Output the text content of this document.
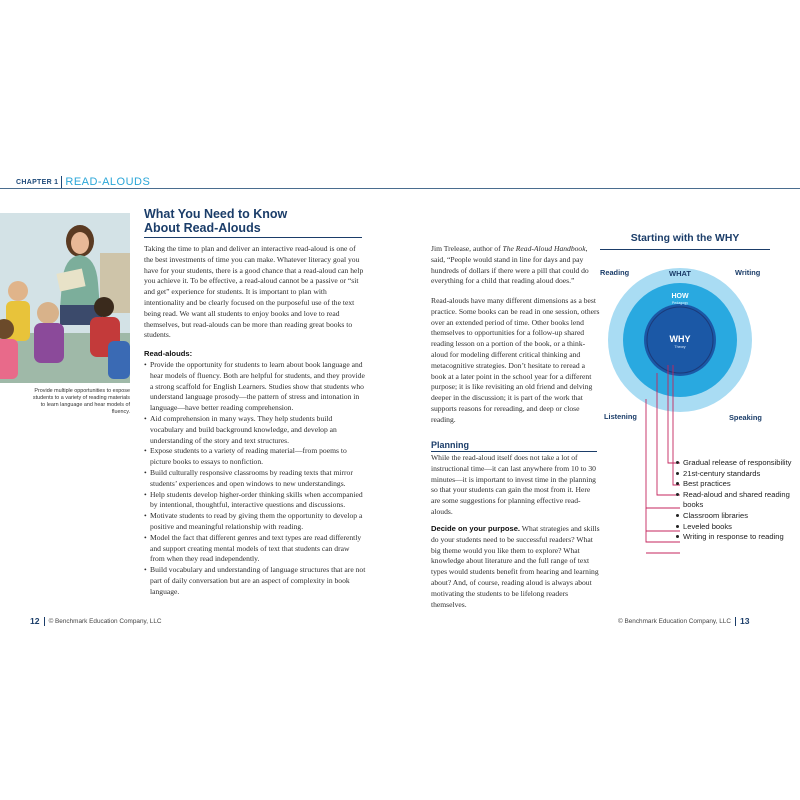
CHAPTER 1 READ-ALOUDS
Provide multiple opportunities to expose students to a variety of reading materials to learn language and hear models of fluency.
What You Need to Know
About Read-Alouds
Taking the time to plan and deliver an interactive read-aloud is one of the best investments of time you can make. Whatever literacy goal you have for your students, there is a good chance that a read-aloud can help you achieve it. To be effective, a read-aloud cannot be a passive or “sit and get” experience for students. It is important to plan with intentionality and be clearly focused on the purposeful use of the text being read. We want all students to enjoy books and love to read themselves, but read-alouds can be more than reading great books to students.
Read-alouds:
• Provide the opportunity for students to learn about book language and hear models of fluency. Both are helpful for students, and they provide a strong scaffold for English Learners. Studies show that students who understand language prosody—the pattern of stress and intonation in language—have better reading comprehension.
• Aid comprehension in many ways. They help students build vocabulary and build background knowledge, and develop an understanding of the story and text structures.
• Expose students to a variety of reading material—from poems to picture books to essays to nonfiction.
• Build culturally responsive classrooms by reading texts that mirror students’ experiences and open windows to new understandings.
• Help students develop higher-order thinking skills when accompanied by intentional, thoughtful, interactive questions and discussions.
• Motivate students to read by giving them the opportunity to develop a positive and meaningful relationship with reading.
• Model the fact that different genres and text types are read differently and support creating mental models of text that students can draw from when they read independently.
• Build vocabulary and understanding of language structures that are not part of daily conversation but are an aspect of complexity in book language.
Jim Trelease, author of The Read-Aloud Handbook, said, “People would stand in line for days and pay hundreds of dollars if there were a pill that could do everything for a child that reading aloud does.”
Read-alouds have many different dimensions as a best practice. Some books can be read in one session, others over an extended period of time. Other books lend themselves to opportunities for a follow-up shared reading lesson on a portion of the book, or a think-aloud for modeling different critical thinking and metacognitive strategies. Don’t hesitate to reread a book at a later point in the school year for a different purpose; it is like revisiting an old friend and delving deeper in the discussion; it is part of the work that supports reasons for rereading, and deep or close reading.
Planning
While the read-aloud itself does not take a lot of instructional time—it can last anywhere from 10 to 30 minutes—it is important to invest time in the planning so that your students can gain the most from it. Here are some suggestions for planning effective read-alouds.
Decide on your purpose. What strategies and skills do your students need to be successful readers? What big theme would you like them to explore? What knowledge about literature and the full range of text types would students benefit from hearing and learning about? And, of course, reading aloud is always about motivating the students to be lifelong readers themselves.
Starting with the WHY
Reading	Writing
Listening	Speaking
WHAT
HOW
Pedagogy
WHY
Theory
Gradual release of responsibility
21st-century standards
Best practices
Read-aloud and shared reading books
Classroom libraries
Leveled books
Writing in response to reading
12 © Benchmark Education Company, LLC	© Benchmark Education Company, LLC 13
